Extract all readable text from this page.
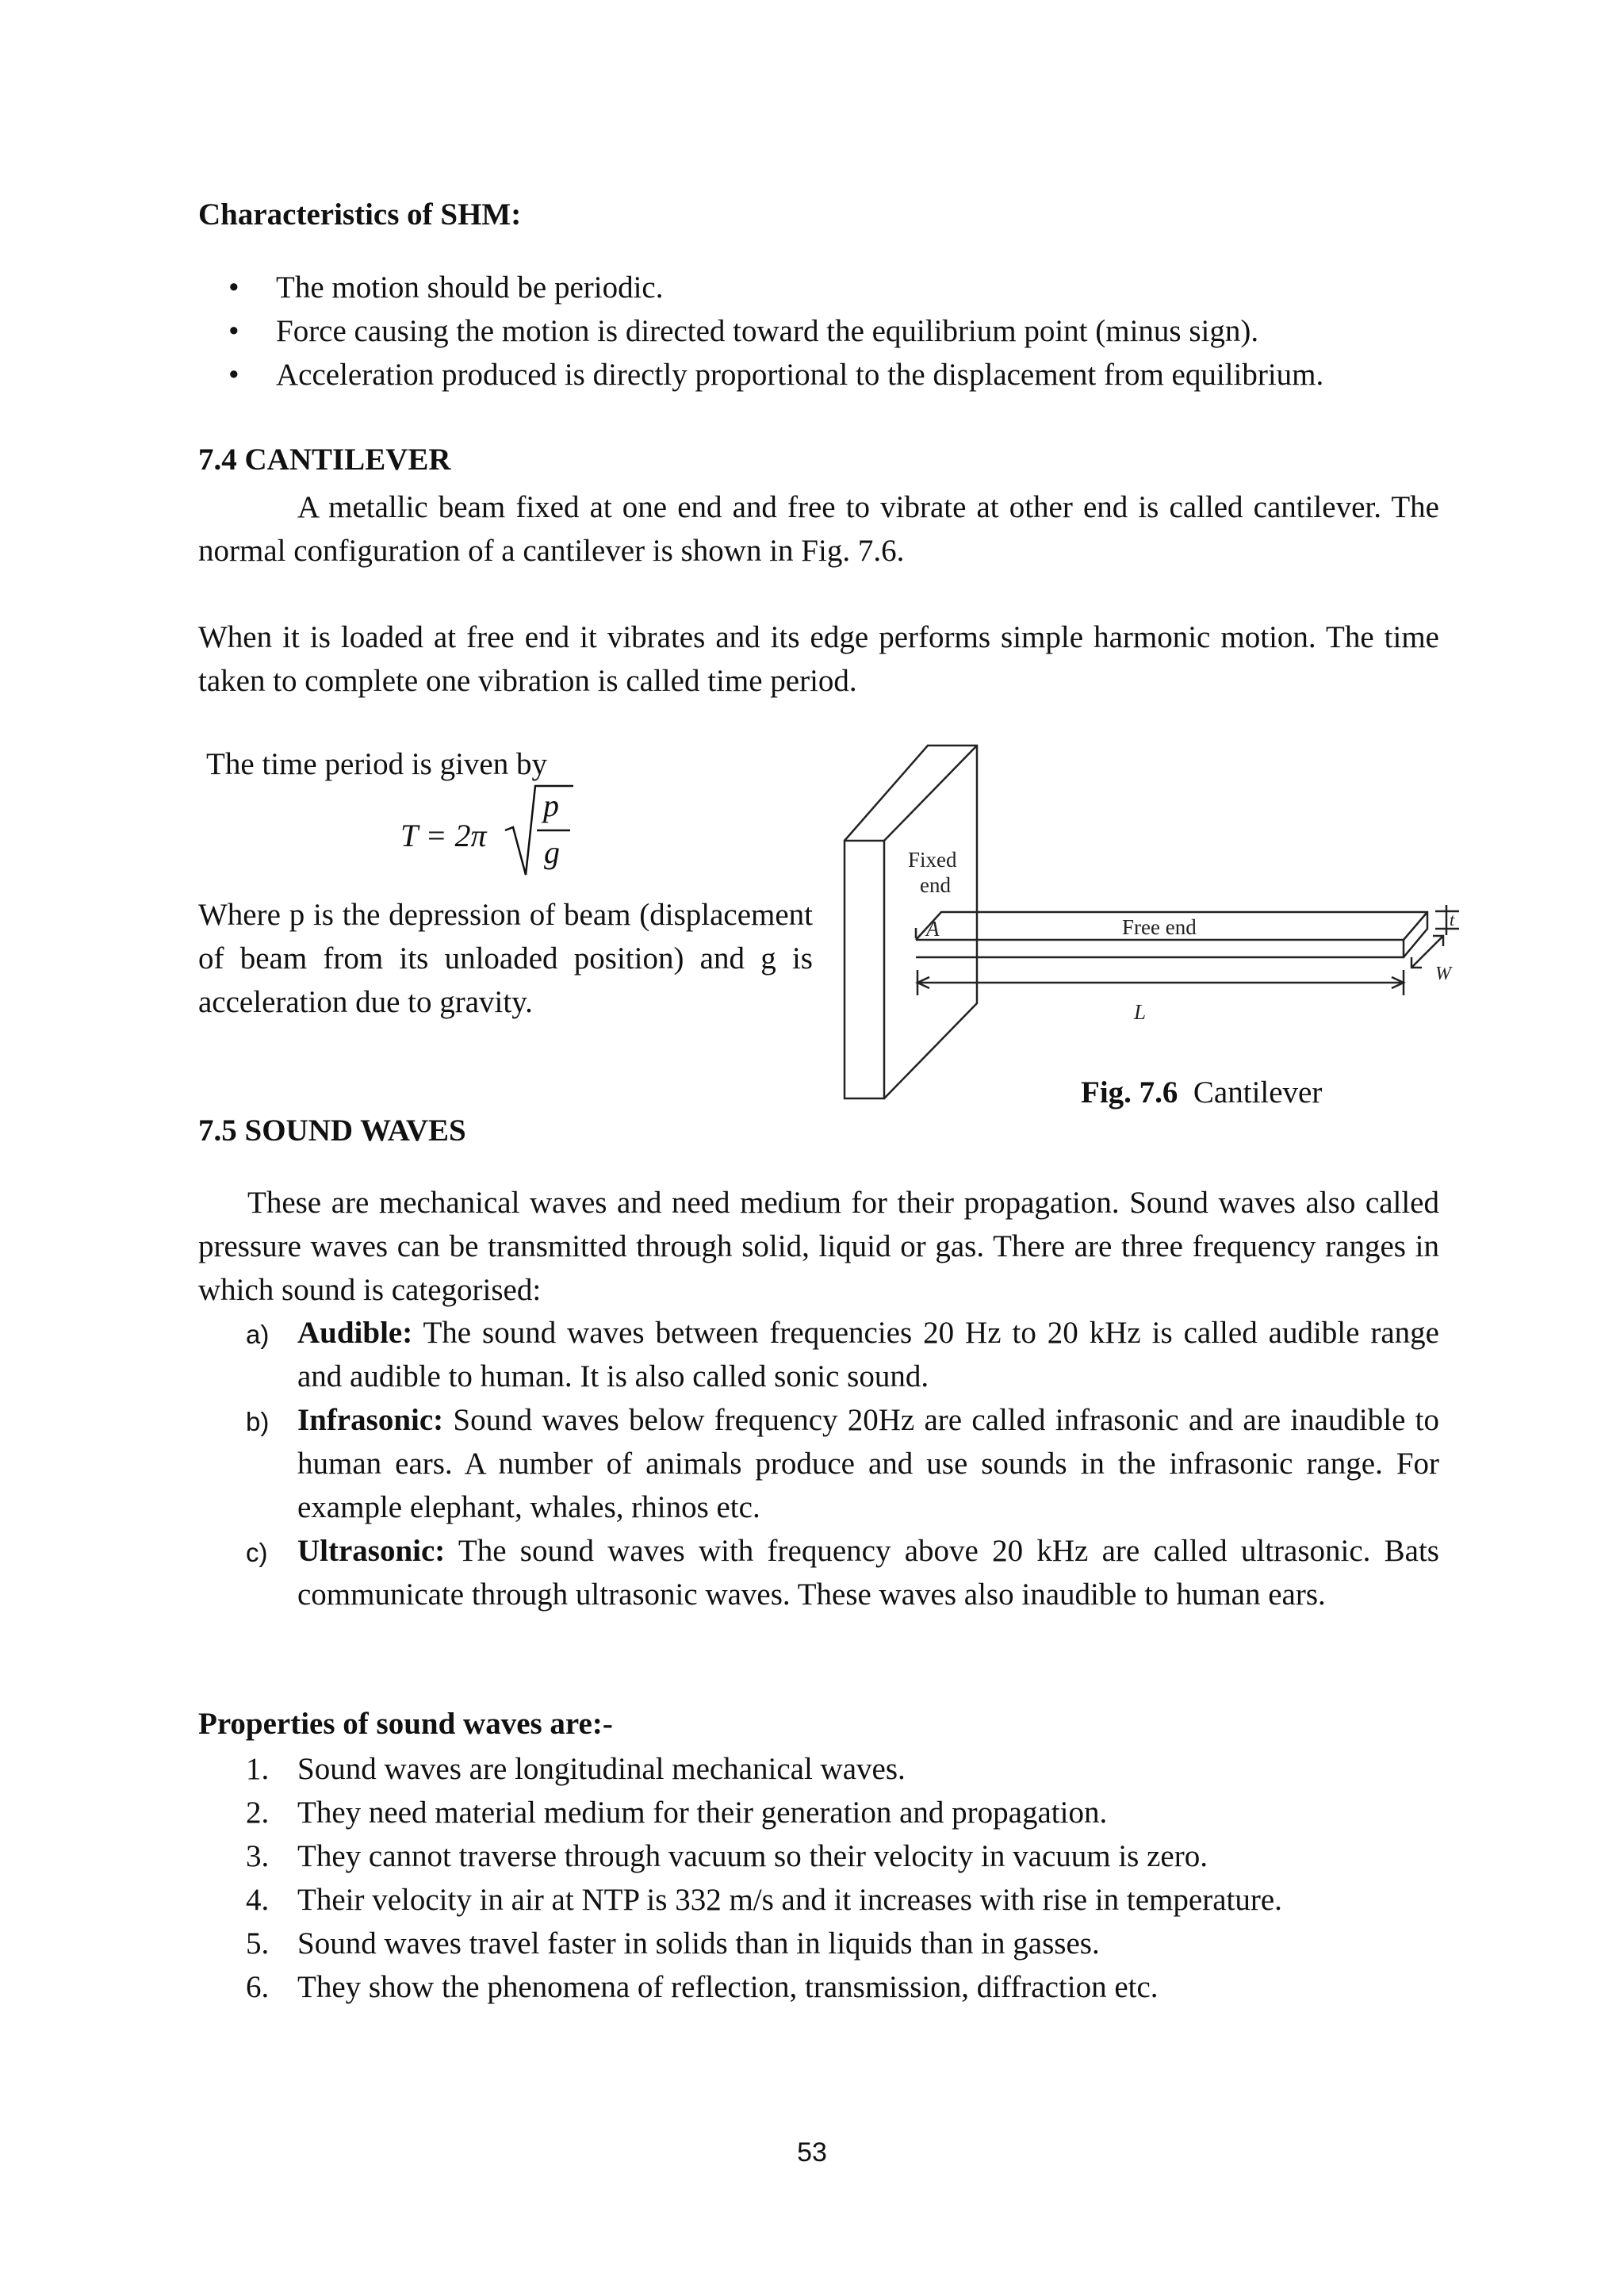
Characteristics of SHM:
• The motion should be periodic.
• Force causing the motion is directed toward the equilibrium point (minus sign).
• Acceleration produced is directly proportional to the displacement from equilibrium.
7.4 CANTILEVER
A metallic beam fixed at one end and free to vibrate at other end is called cantilever. The normal configuration of a cantilever is shown in Fig. 7.6.
When it is loaded at free end it vibrates and its edge performs simple harmonic motion. The time taken to complete one vibration is called time period.
The time period is given by
T = 2π
p
g
Where p is the depression of beam (displacement of beam from its unloaded position) and g is acceleration due to gravity.
Fixed
end
Free end
A
L
W
t
Fig. 7.6 Cantilever
7.5 SOUND WAVES
These are mechanical waves and need medium for their propagation. Sound waves also called pressure waves can be transmitted through solid, liquid or gas. There are three frequency ranges in which sound is categorised:
a) Audible: The sound waves between frequencies 20 Hz to 20 kHz is called audible range and audible to human. It is also called sonic sound.
b) Infrasonic: Sound waves below frequency 20Hz are called infrasonic and are inaudible to human ears. A number of animals produce and use sounds in the infrasonic range. For example elephant, whales, rhinos etc.
c) Ultrasonic: The sound waves with frequency above 20 kHz are called ultrasonic. Bats communicate through ultrasonic waves. These waves also inaudible to human ears.
Properties of sound waves are:-
1. Sound waves are longitudinal mechanical waves.
2. They need material medium for their generation and propagation.
3. They cannot traverse through vacuum so their velocity in vacuum is zero.
4. Their velocity in air at NTP is 332 m/s and it increases with rise in temperature.
5. Sound waves travel faster in solids than in liquids than in gasses.
6. They show the phenomena of reflection, transmission, diffraction etc.
53
